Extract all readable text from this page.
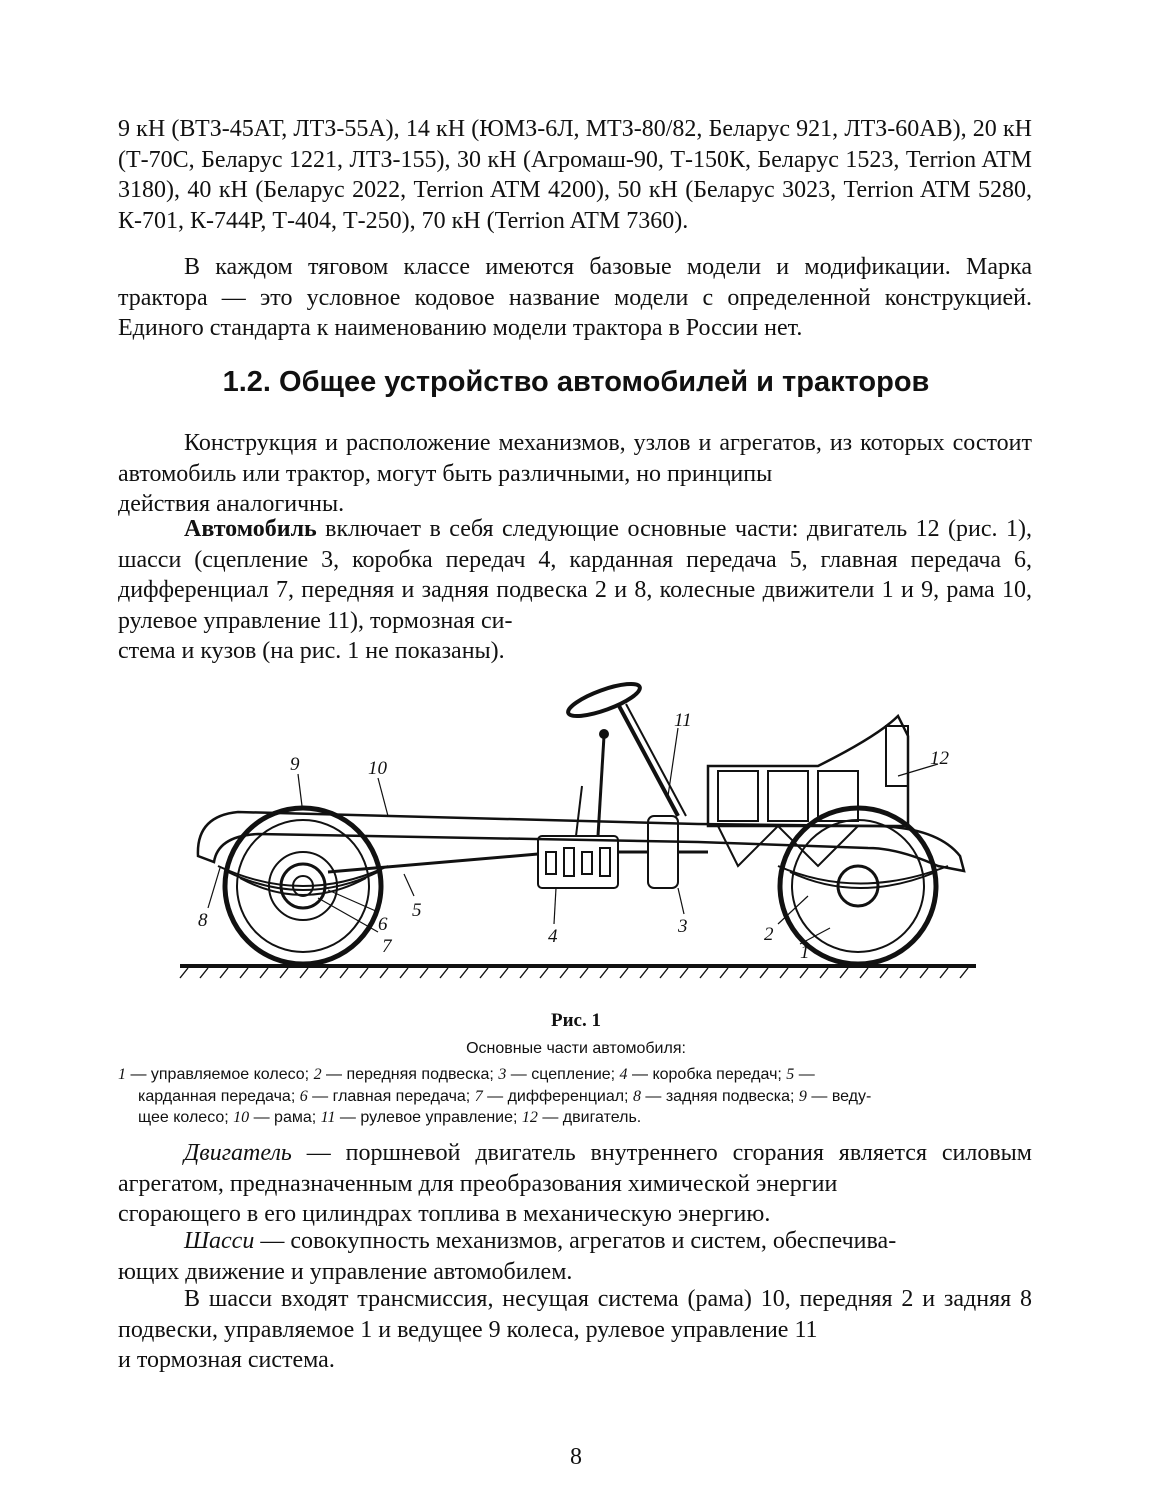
9 кН (ВТЗ-45АТ, ЛТЗ-55А), 14 кН (ЮМЗ-6Л, МТЗ-80/82, Беларус 921, ЛТЗ-60АВ), 20 кН (Т-70С, Беларус 1221, ЛТЗ-155), 30 кН (Агромаш-90, Т-150К, Беларус 1523, Terrion ATM 3180), 40 кН (Беларус 2022, Terrion ATM 4200), 50 кН (Беларус 3023, Terrion ATM 5280, К-701, К-744Р, Т-404, Т-250), 70 кН (Terrion ATM 7360).

В каждом тяговом классе имеются базовые модели и модификации. Марка трактора — это условное кодовое название модели с определенной конструкцией. Единого стандарта к наименованию модели трактора в России нет.

1.2. Общее устройство автомобилей и тракторов

Конструкция и расположение механизмов, узлов и агрегатов, из которых состоит автомобиль или трактор, могут быть различными, но принципы
действия аналогичны.

Автомобиль включает в себя следующие основные части: двигатель 12 (рис. 1), шасси (сцепление 3, коробка передач 4, карданная передача 5, главная передача 6, дифференциал 7, передняя и задняя подвеска 2 и 8, колесные движители 1 и 9, рама 10, рулевое управление 11), тормозная си-
стема и кузов (на рис. 1 не показаны).

1
2
3
4
5
6
7
8
9	10
11
12
Рис. 1
Основные части автомобиля:
1 — управляемое колесо; 2 — передняя подвеска; 3 — сцепление; 4 — коробка передач; 5 —
карданная передача; 6 — главная передача; 7 — дифференциал; 8 — задняя подвеска; 9 — веду-
щее колесо; 10 — рама; 11 — рулевое управление; 12 — двигатель.

Двигатель — поршневой двигатель внутреннего сгорания является силовым агрегатом, предназначенным для преобразования химической энергии
сгорающего в его цилиндрах топлива в механическую энергию.

Шасси — совокупность механизмов, агрегатов и систем, обеспечива-
ющих движение и управление автомобилем.

В шасси входят трансмиссия, несущая система (рама) 10, передняя 2 и задняя 8 подвески, управляемое 1 и ведущее 9 колеса, рулевое управление 11
и тормозная система.

8
